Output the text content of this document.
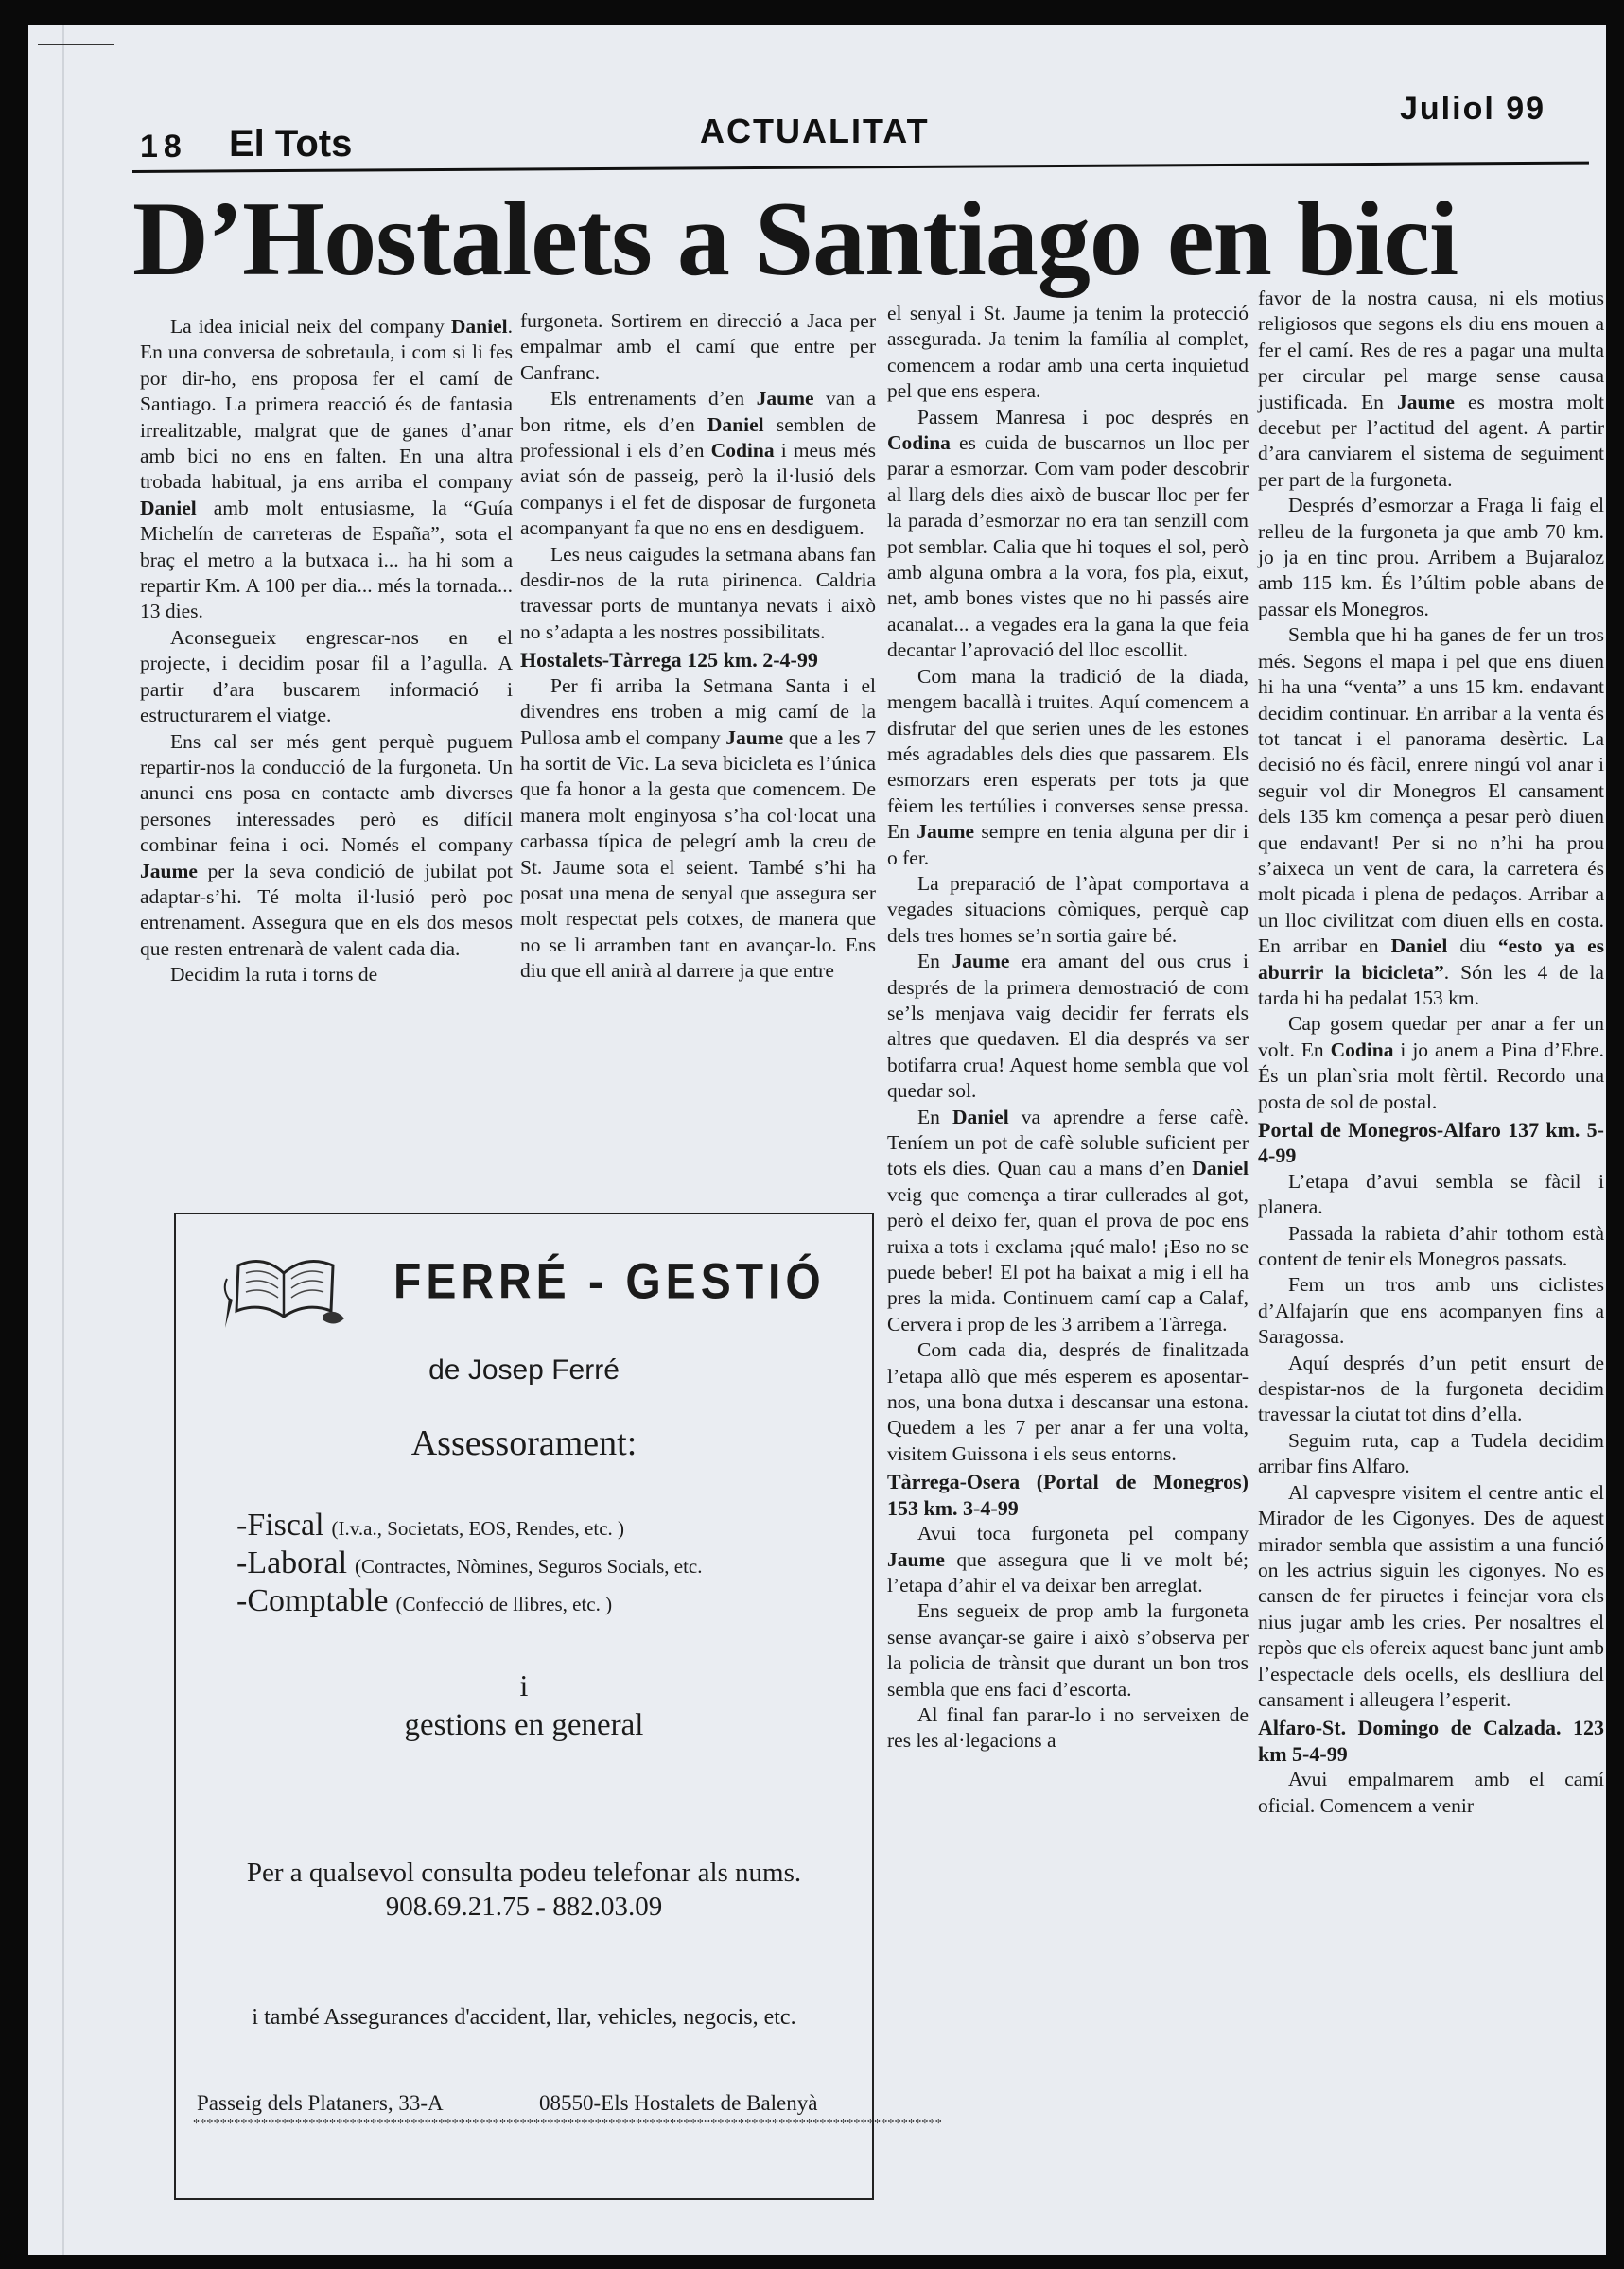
18 El Tots	ACTUALITAT
Juliol 99
D’Hostalets a Santiago en bici

La idea inicial neix del company Daniel. En una conversa de sobretaula, i com si li fes por dir-ho, ens proposa fer el camí de Santiago. La primera reacció és de fantasia irrealitzable, malgrat que de ganes d’anar amb bici no ens en falten. En una altra trobada habitual, ja ens arriba el company Daniel amb molt entusiasme, la “Guía Michelín de carreteras de España”, sota el braç el metro a la butxaca i... ha hi som a repartir Km. A 100 per dia... més la tornada... 13 dies.

Aconsegueix engrescar-nos en el projecte, i decidim posar fil a l’agulla. A partir d’ara buscarem informació i estructurarem el viatge.

Ens cal ser més gent perquè puguem repartir-nos la conducció de la furgoneta. Un anunci ens posa en contacte amb diverses persones interessades però es difícil combinar feina i oci. Només el company Jaume per la seva condició de jubilat pot adaptar-s’hi. Té molta il·lusió però poc entrenament. Assegura que en els dos mesos que resten entrenarà de valent cada dia.

Decidim la ruta i torns de

furgoneta. Sortirem en direcció a Jaca per empalmar amb el camí que entre per Canfranc.

Els entrenaments d’en Jaume van a bon ritme, els d’en Daniel semblen de professional i els d’en Codina i meus més aviat són de passeig, però la il·lusió dels companys i el fet de disposar de furgoneta acompanyant fa que no ens en desdiguem.

Les neus caigudes la setmana abans fan desdir-nos de la ruta pirinenca. Caldria travessar ports de muntanya nevats i això no s’adapta a les nostres possibilitats.

Hostalets-Tàrrega 125 km. 2-4-99

Per fi arriba la Setmana Santa i el divendres ens troben a mig camí de la Pullosa amb el company Jaume que a les 7 ha sortit de Vic. La seva bicicleta es l’única que fa honor a la gesta que comencem. De manera molt enginyosa s’ha col·locat una carbassa típica de pelegrí amb la creu de St. Jaume sota el seient. També s’hi ha posat una mena de senyal que assegura ser molt respectat pels cotxes, de manera que no se li arramben tant en avançar-lo. Ens diu que ell anirà al darrere ja que entre

el senyal i St. Jaume ja tenim la protecció assegurada. Ja tenim la família al complet, comencem a rodar amb una certa inquietud pel que ens espera.

Passem Manresa i poc després en Codina es cuida de buscarnos un lloc per parar a esmorzar. Com vam poder descobrir al llarg dels dies això de buscar lloc per fer la parada d’esmorzar no era tan senzill com pot semblar. Calia que hi toques el sol, però amb alguna ombra a la vora, fos pla, eixut, net, amb bones vistes que no hi passés aire acanalat... a vegades era la gana la que feia decantar l’aprovació del lloc escollit.

Com mana la tradició de la diada, mengem bacallà i truites. Aquí comencem a disfrutar del que serien unes de les estones més agradables dels dies que passarem. Els esmorzars eren esperats per tots ja que fèiem les tertúlies i converses sense pressa. En Jaume sempre en tenia alguna per dir i o fer.

La preparació de l’àpat comportava a vegades situacions còmiques, perquè cap dels tres homes se’n sortia gaire bé.

En Jaume era amant del ous crus i després de la primera demostració de com se’ls menjava vaig decidir fer ferrats els altres que quedaven. El dia després va ser botifarra crua! Aquest home sembla que vol quedar sol.

En Daniel va aprendre a ferse cafè. Teníem un pot de cafè soluble suficient per tots els dies. Quan cau a mans d’en Daniel veig que comença a tirar cullerades al got, però el deixo fer, quan el prova de poc ens ruixa a tots i exclama ¡qué malo! ¡Eso no se puede beber! El pot ha baixat a mig i ell ha pres la mida. Continuem camí cap a Calaf, Cervera i prop de les 3 arribem a Tàrrega.

Com cada dia, després de finalitzada l’etapa allò que més esperem es aposentar-nos, una bona dutxa i descansar una estona. Quedem a les 7 per anar a fer una volta, visitem Guissona i els seus entorns.

Tàrrega-Osera (Portal de Monegros) 153 km. 3-4-99

Avui toca furgoneta pel company Jaume que assegura que li ve molt bé; l’etapa d’ahir el va deixar ben arreglat.

Ens segueix de prop amb la furgoneta sense avançar-se gaire i això s’observa per la policia de trànsit que durant un bon tros sembla que ens faci d’escorta.

Al final fan parar-lo i no serveixen de res les al·legacions a

favor de la nostra causa, ni els motius religiosos que segons els diu ens mouen a fer el camí. Res de res a pagar una multa per circular pel marge sense causa justificada. En Jaume es mostra molt decebut per l’actitud del agent. A partir d’ara canviarem el sistema de seguiment per part de la furgoneta.

Després d’esmorzar a Fraga li faig el relleu de la furgoneta ja que amb 70 km. jo ja en tinc prou. Arribem a Bujaraloz amb 115 km. És l’últim poble abans de passar els Monegros.

Sembla que hi ha ganes de fer un tros més. Segons el mapa i pel que ens diuen hi ha una “venta” a uns 15 km. endavant decidim continuar. En arribar a la venta és tot tancat i el panorama desèrtic. La decisió no és fàcil, enrere ningú vol anar i seguir vol dir Monegros El cansament dels 135 km comença a pesar però diuen que endavant! Per si no n’hi ha prou s’aixeca un vent de cara, la carretera és molt picada i plena de pedaços. Arribar a un lloc civilitzat com diuen ells en costa. En arribar en Daniel diu “esto ya es aburrir la bicicleta”. Són les 4 de la tarda hi ha pedalat 153 km.

Cap gosem quedar per anar a fer un volt. En Codina i jo anem a Pina d’Ebre. És un plan`sria molt fèrtil. Recordo una posta de sol de postal.

Portal de Monegros-Alfaro 137 km. 5-4-99

L’etapa d’avui sembla se fàcil i planera.

Passada la rabieta d’ahir tothom està content de tenir els Monegros passats.

Fem un tros amb uns ciclistes d’Alfajarín que ens acompanyen fins a Saragossa.

Aquí després d’un petit ensurt de despistar-nos de la furgoneta decidim travessar la ciutat tot dins d’ella.

Seguim ruta, cap a Tudela decidim arribar fins Alfaro.

Al capvespre visitem el centre antic el Mirador de les Cigonyes. Des de aquest mirador sembla que assistim a una funció on les actrius siguin les cigonyes. No es cansen de fer piruetes i feinejar vora els nius jugar amb les cries. Per nosaltres el repòs que els ofereix aquest banc junt amb l’espectacle dels ocells, els deslliura del cansament i alleugera l’esperit.

Alfaro-St. Domingo de Calzada. 123 km 5-4-99

Avui empalmarem amb el camí oficial. Comencem a venir

FERRÉ - GESTIÓ
de Josep Ferré
Assessorament:
-Fiscal (I.v.a., Societats, EOS, Rendes, etc. )
-Laboral (Contractes, Nòmines, Seguros Socials, etc.
-Comptable (Confecció de llibres, etc. )
i
gestions en general
Per a qualsevol consulta podeu telefonar als nums.
908.69.21.75 - 882.03.09
i també Assegurances d'accident, llar, vehicles, negocis, etc.
Passeig dels Plataners, 33-A	08550-Els Hostalets de Balenyà
**************************************************************************************************************
